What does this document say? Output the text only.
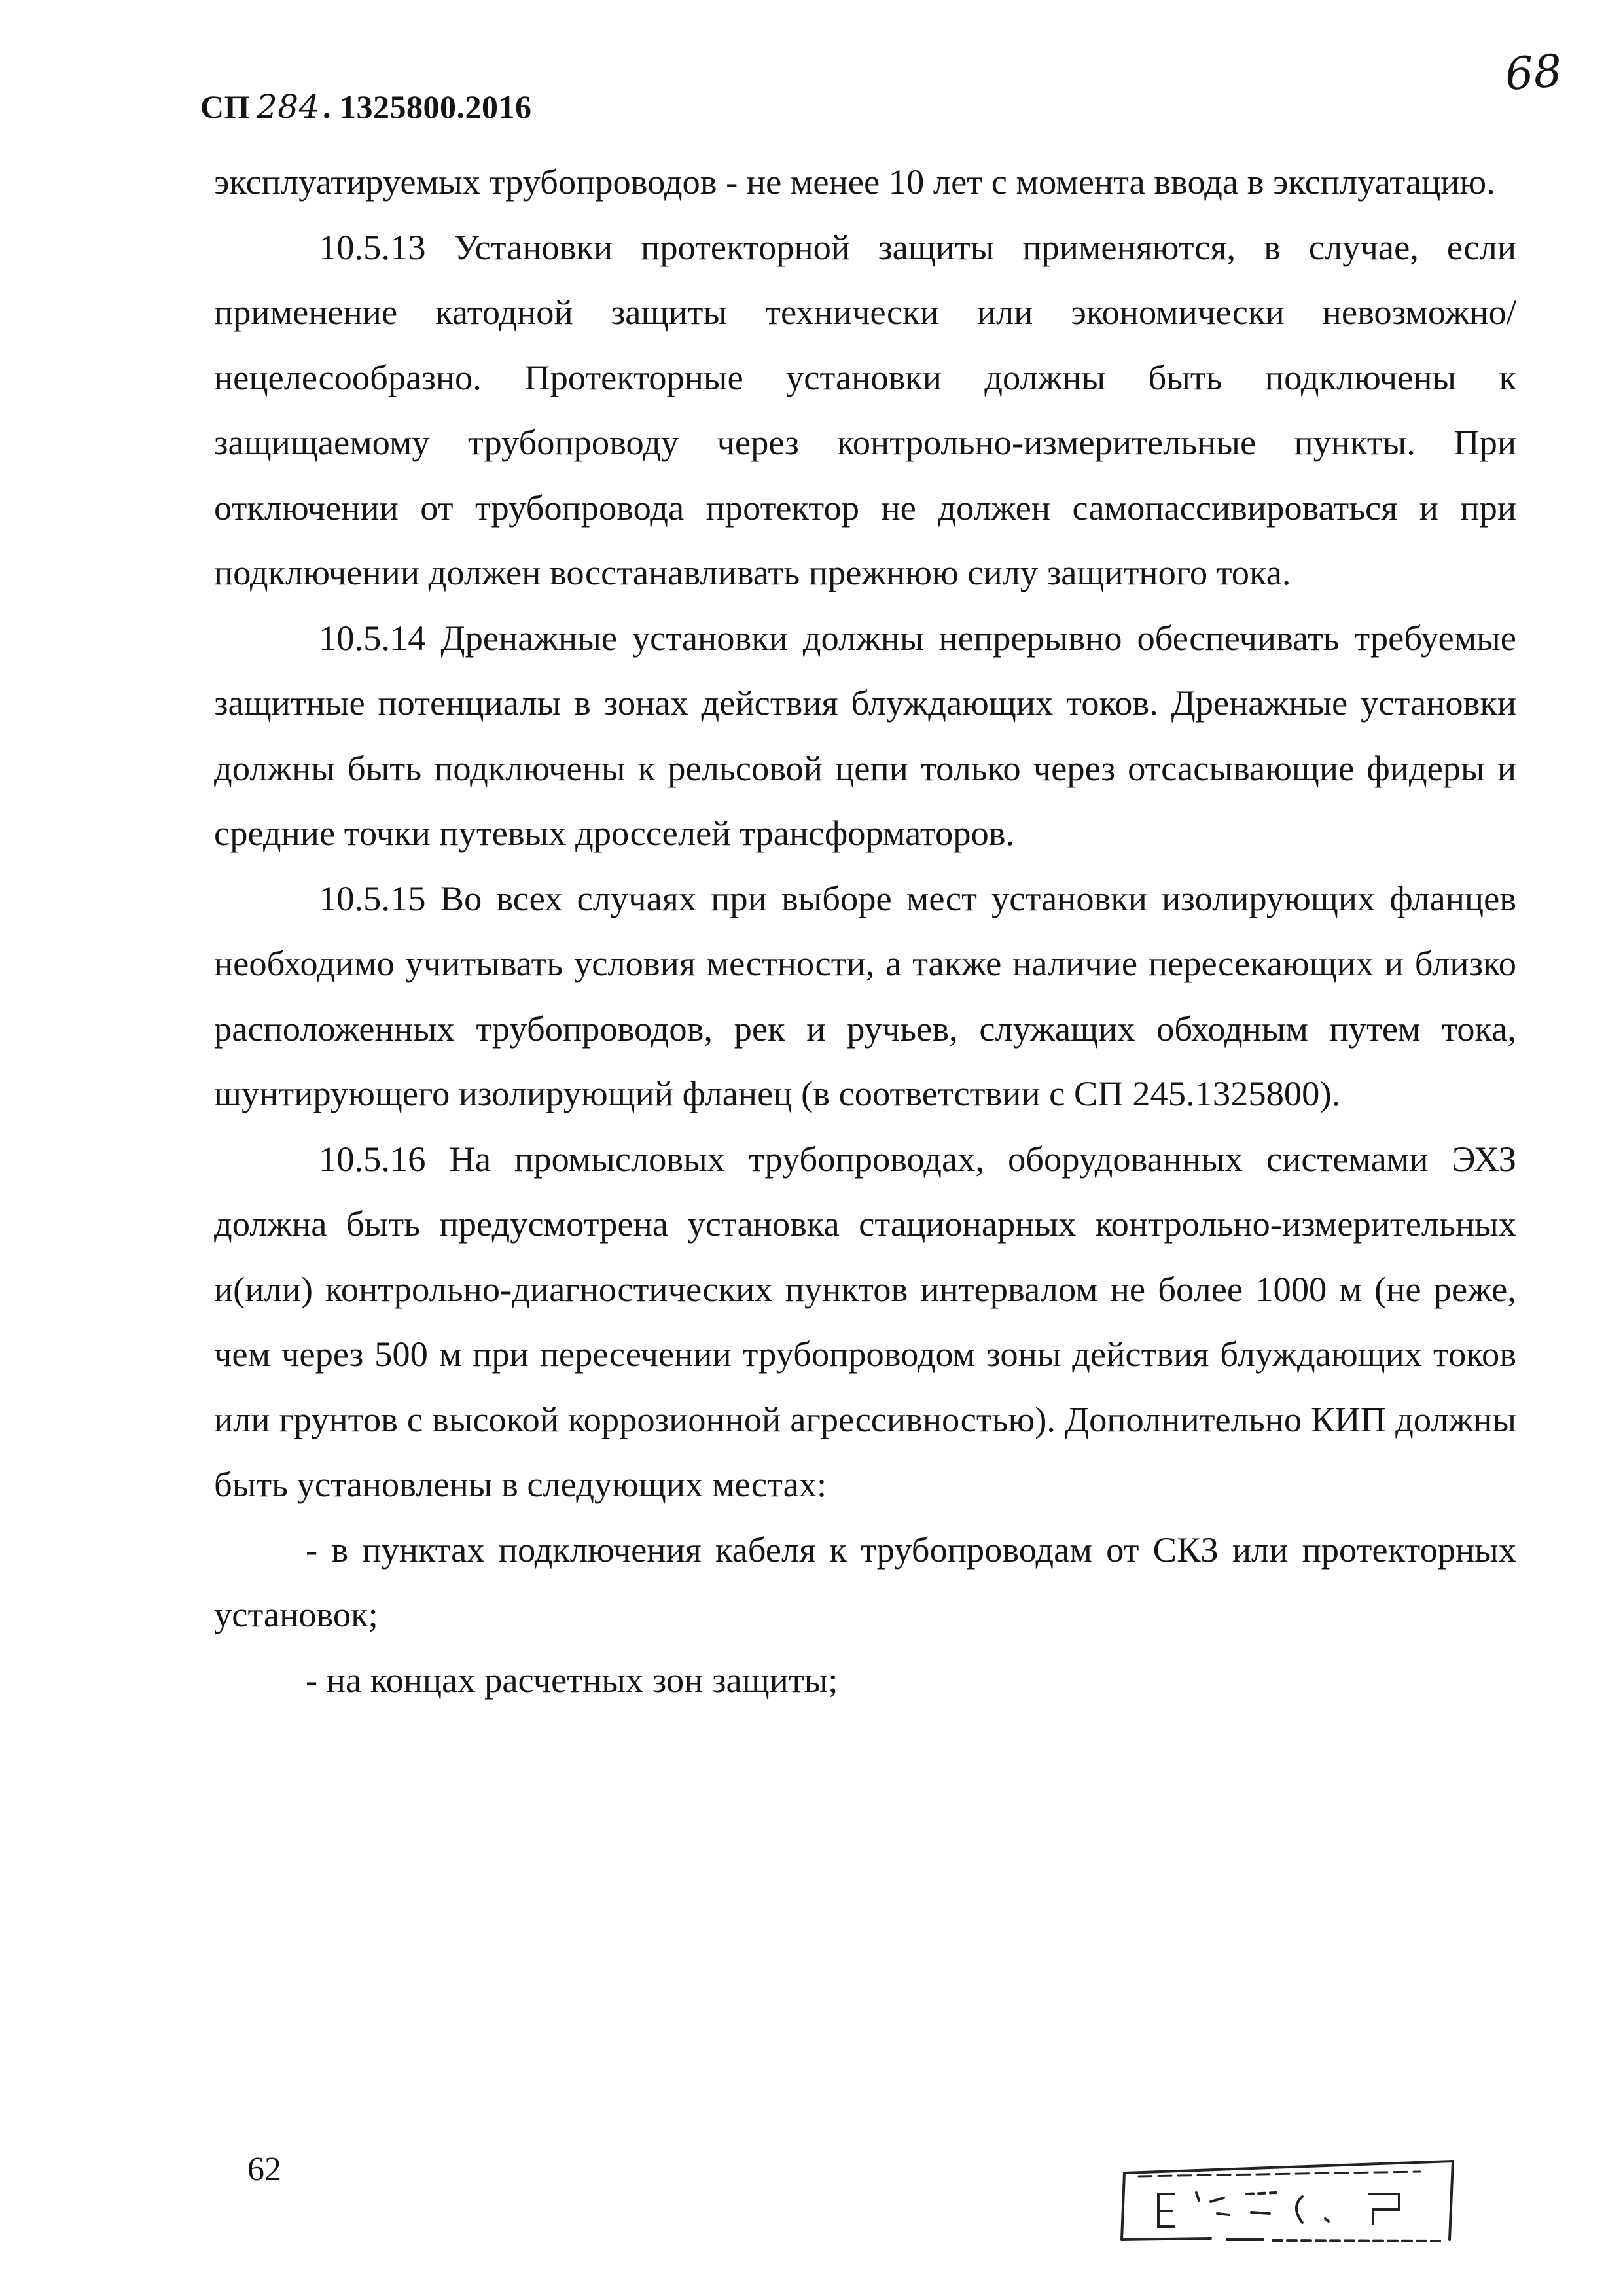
СП 284. 1325800.2016
68

эксплуатируемых трубопроводов - не менее 10 лет с момента ввода в эксплуатацию.

10.5.13 Установки протекторной защиты применяются, в случае, если применение катодной защиты технически или экономически невозможно/нецелесообразно. Протекторные установки должны быть подключены к защищаемому трубопроводу через контрольно-измерительные пункты. При отключении от трубопровода протектор не должен самопассивироваться и при подключении должен восстанавливать прежнюю силу защитного тока.

10.5.14 Дренажные установки должны непрерывно обеспечивать требуемые защитные потенциалы в зонах действия блуждающих токов. Дренажные установки должны быть подключены к рельсовой цепи только через отсасывающие фидеры и средние точки путевых дросселей трансформаторов.

10.5.15 Во всех случаях при выборе мест установки изолирующих фланцев необходимо учитывать условия местности, а также наличие пересекающих и близко расположенных трубопроводов, рек и ручьев, служащих обходным путем тока, шунтирующего изолирующий фланец (в соответствии с СП 245.1325800).

10.5.16 На промысловых трубопроводах, оборудованных системами ЭХЗ должна быть предусмотрена установка стационарных контрольно-измерительных и(или) контрольно-диагностических пунктов интервалом не более 1000 м (не реже, чем через 500 м при пересечении трубопроводом зоны действия блуждающих токов или грунтов с высокой коррозионной агрессивностью). Дополнительно КИП должны быть установлены в следующих местах:

- в пунктах подключения кабеля к трубопроводам от СКЗ или протекторных установок;

- на концах расчетных зон защиты;

62
